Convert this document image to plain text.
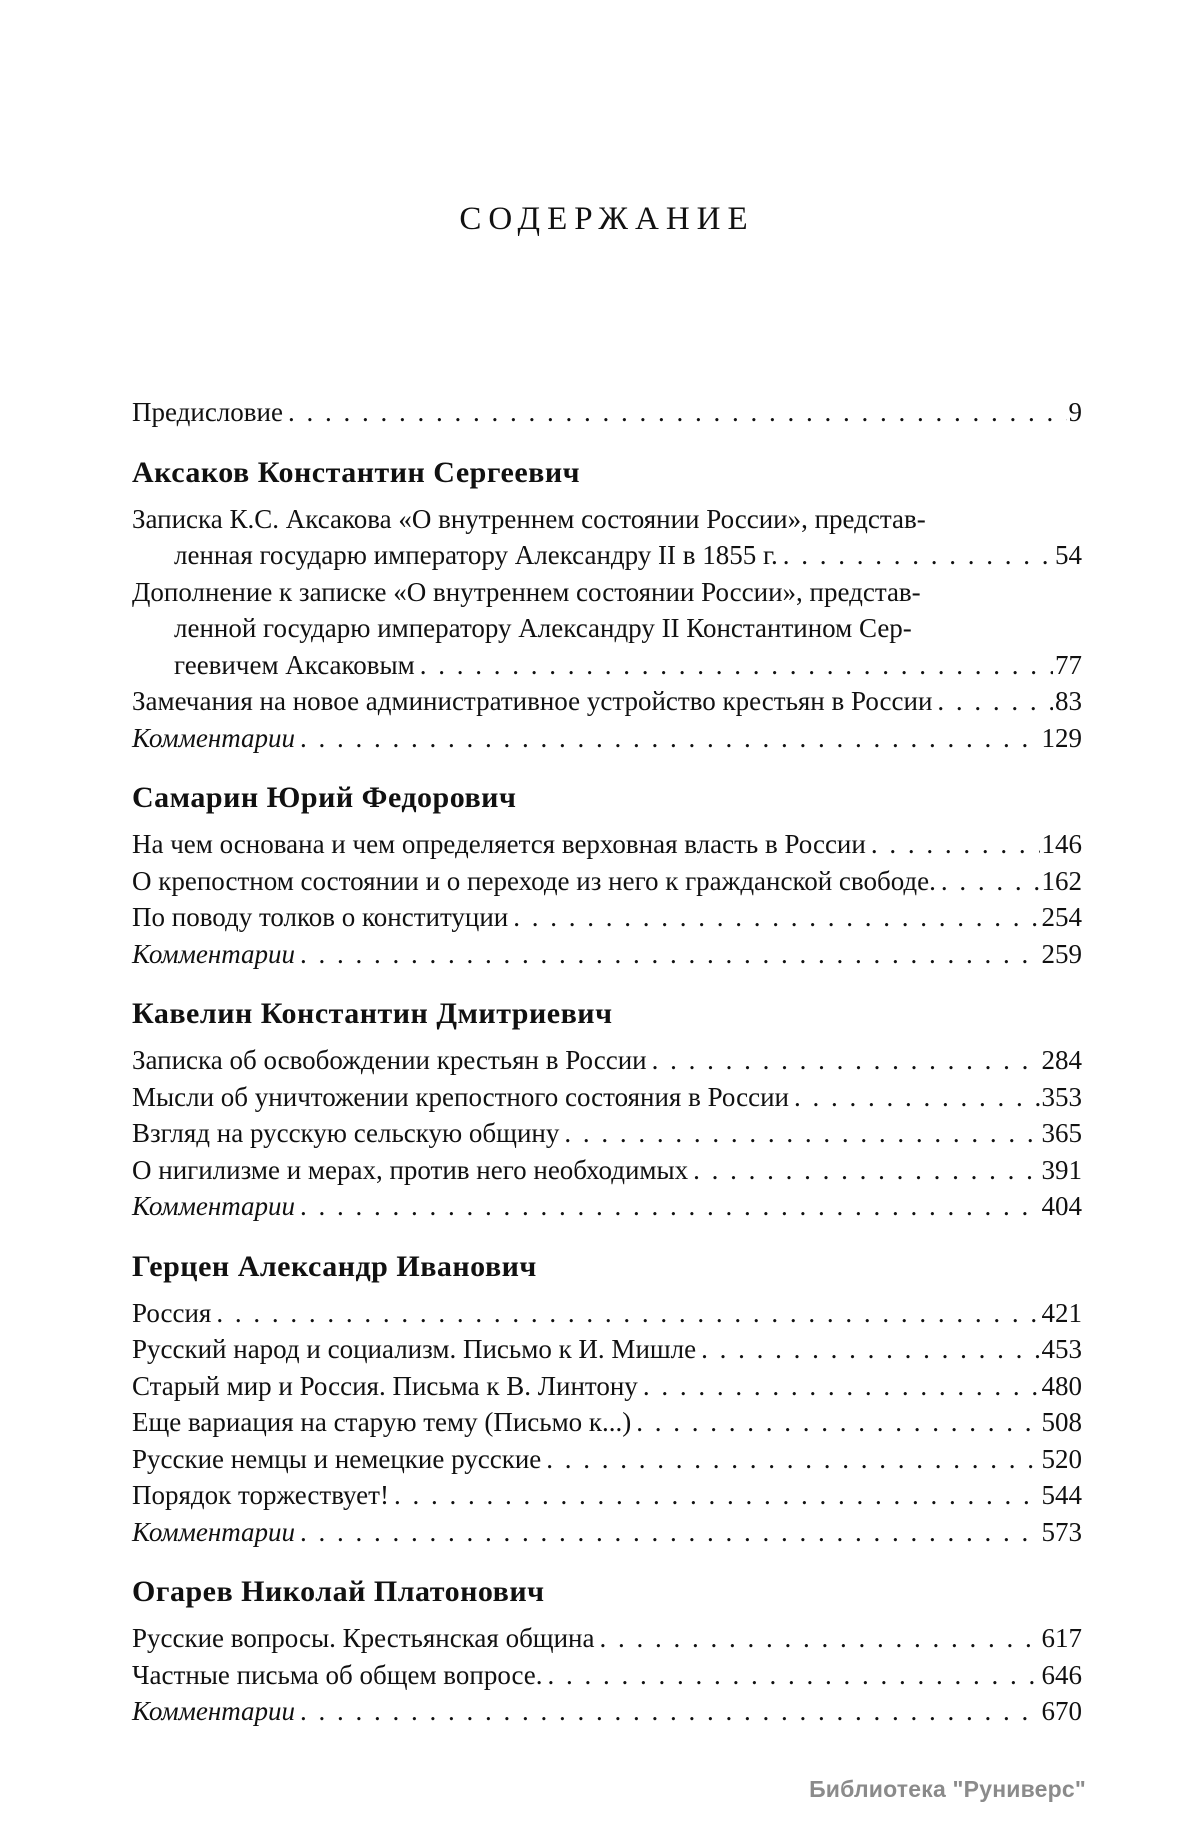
СОДЕРЖАНИЕ
Предисловие . . .	9
Аксаков Константин Сергеевич
Записка К.С. Аксакова «О внутреннем состоянии России», представ-
ленная государю императору Александру II в 1855 г. . . .	54
Дополнение к записке «О внутреннем состоянии России», представ-
ленной государю императору Александру II Константином Сер-
геевичем Аксаковым . . .	77
Замечания на новое административное устройство крестьян в России . . .	83
Комментарии . . .	129
Самарин Юрий Федорович
На чем основана и чем определяется верховная власть в России . . .	146
О крепостном состоянии и о переходе из него к гражданской свободе. . . .	162
По поводу толков о конституции . . .	254
Комментарии . . .	259
Кавелин Константин Дмитриевич
Записка об освобождении крестьян в России . . .	284
Мысли об уничтожении крепостного состояния в России . . .	353
Взгляд на русскую сельскую общину . . .	365
О нигилизме и мерах, против него необходимых . . .	391
Комментарии . . .	404
Герцен Александр Иванович
Россия . . .	421
Русский народ и социализм. Письмо к И. Мишле . . .	453
Старый мир и Россия. Письма к В. Линтону . . .	480
Еще вариация на старую тему (Письмо к...) . . .	508
Русские немцы и немецкие русские . . .	520
Порядок торжествует! . . .	544
Комментарии . . .	573
Огарев Николай Платонович
Русские вопросы. Крестьянская община . . .	617
Частные письма об общем вопросе. . . .	646
Комментарии . . .	670
Библиотека "Руниверс"
